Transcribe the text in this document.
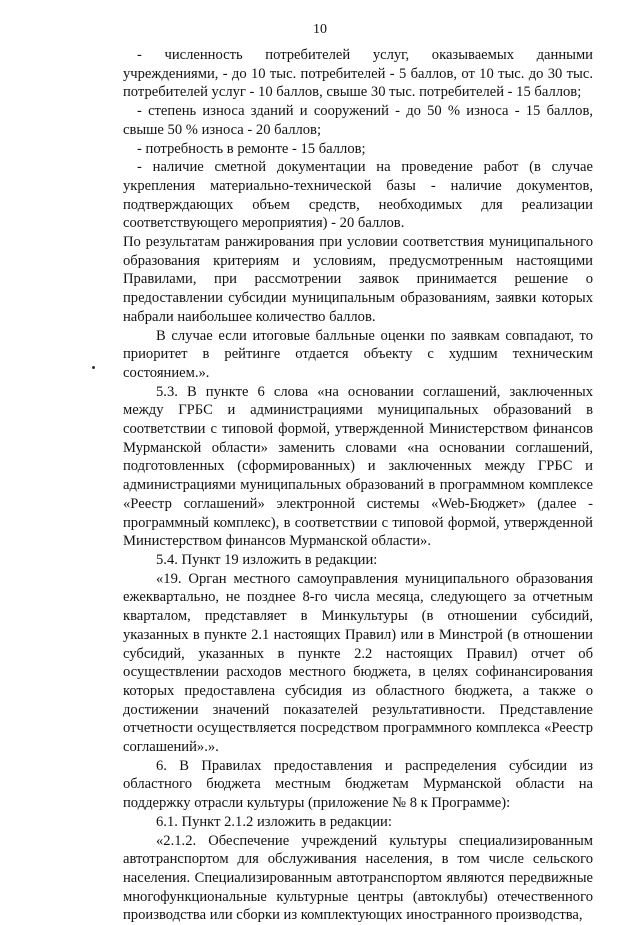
10

- численность потребителей услуг, оказываемых данными учреждениями, - до 10 тыс. потребителей - 5 баллов, от 10 тыс. до 30 тыс. потребителей услуг - 10 баллов, свыше 30 тыс. потребителей - 15 баллов;

- степень износа зданий и сооружений - до 50 % износа - 15 баллов, свыше 50 % износа - 20 баллов;

- потребность в ремонте - 15 баллов;

- наличие сметной документации на проведение работ (в случае укрепления материально-технической базы - наличие документов, подтверждающих объем средств, необходимых для реализации соответствующего мероприятия) - 20 баллов.

По результатам ранжирования при условии соответствия муниципального образования критериям и условиям, предусмотренным настоящими Правилами, при рассмотрении заявок принимается решение о предоставлении субсидии муниципальным образованиям, заявки которых набрали наибольшее количество баллов.

В случае если итоговые балльные оценки по заявкам совпадают, то приоритет в рейтинге отдается объекту с худшим техническим состоянием.».

5.3. В пункте 6 слова «на основании соглашений, заключенных между ГРБС и администрациями муниципальных образований в соответствии с типовой формой, утвержденной Министерством финансов Мурманской области» заменить словами «на основании соглашений, подготовленных (сформированных) и заключенных между ГРБС и администрациями муниципальных образований в программном комплексе «Реестр соглашений» электронной системы «Web-Бюджет» (далее - программный комплекс), в соответствии с типовой формой, утвержденной Министерством финансов Мурманской области».

5.4. Пункт 19 изложить в редакции:

«19. Орган местного самоуправления муниципального образования ежеквартально, не позднее 8-го числа месяца, следующего за отчетным кварталом, представляет в Минкультуры (в отношении субсидий, указанных в пункте 2.1 настоящих Правил) или в Минстрой (в отношении субсидий, указанных в пункте 2.2 настоящих Правил) отчет об осуществлении расходов местного бюджета, в целях софинансирования которых предоставлена субсидия из областного бюджета, а также о достижении значений показателей результативности. Представление отчетности осуществляется посредством программного комплекса «Реестр соглашений».».

6. В Правилах предоставления и распределения субсидии из областного бюджета местным бюджетам Мурманской области на поддержку отрасли культуры (приложение № 8 к Программе):

6.1. Пункт 2.1.2 изложить в редакции:

«2.1.2. Обеспечение учреждений культуры специализированным автотранспортом для обслуживания населения, в том числе сельского населения. Специализированным автотранспортом являются передвижные многофункциональные культурные центры (автоклубы) отечественного производства или сборки из комплектующих иностранного производства,
